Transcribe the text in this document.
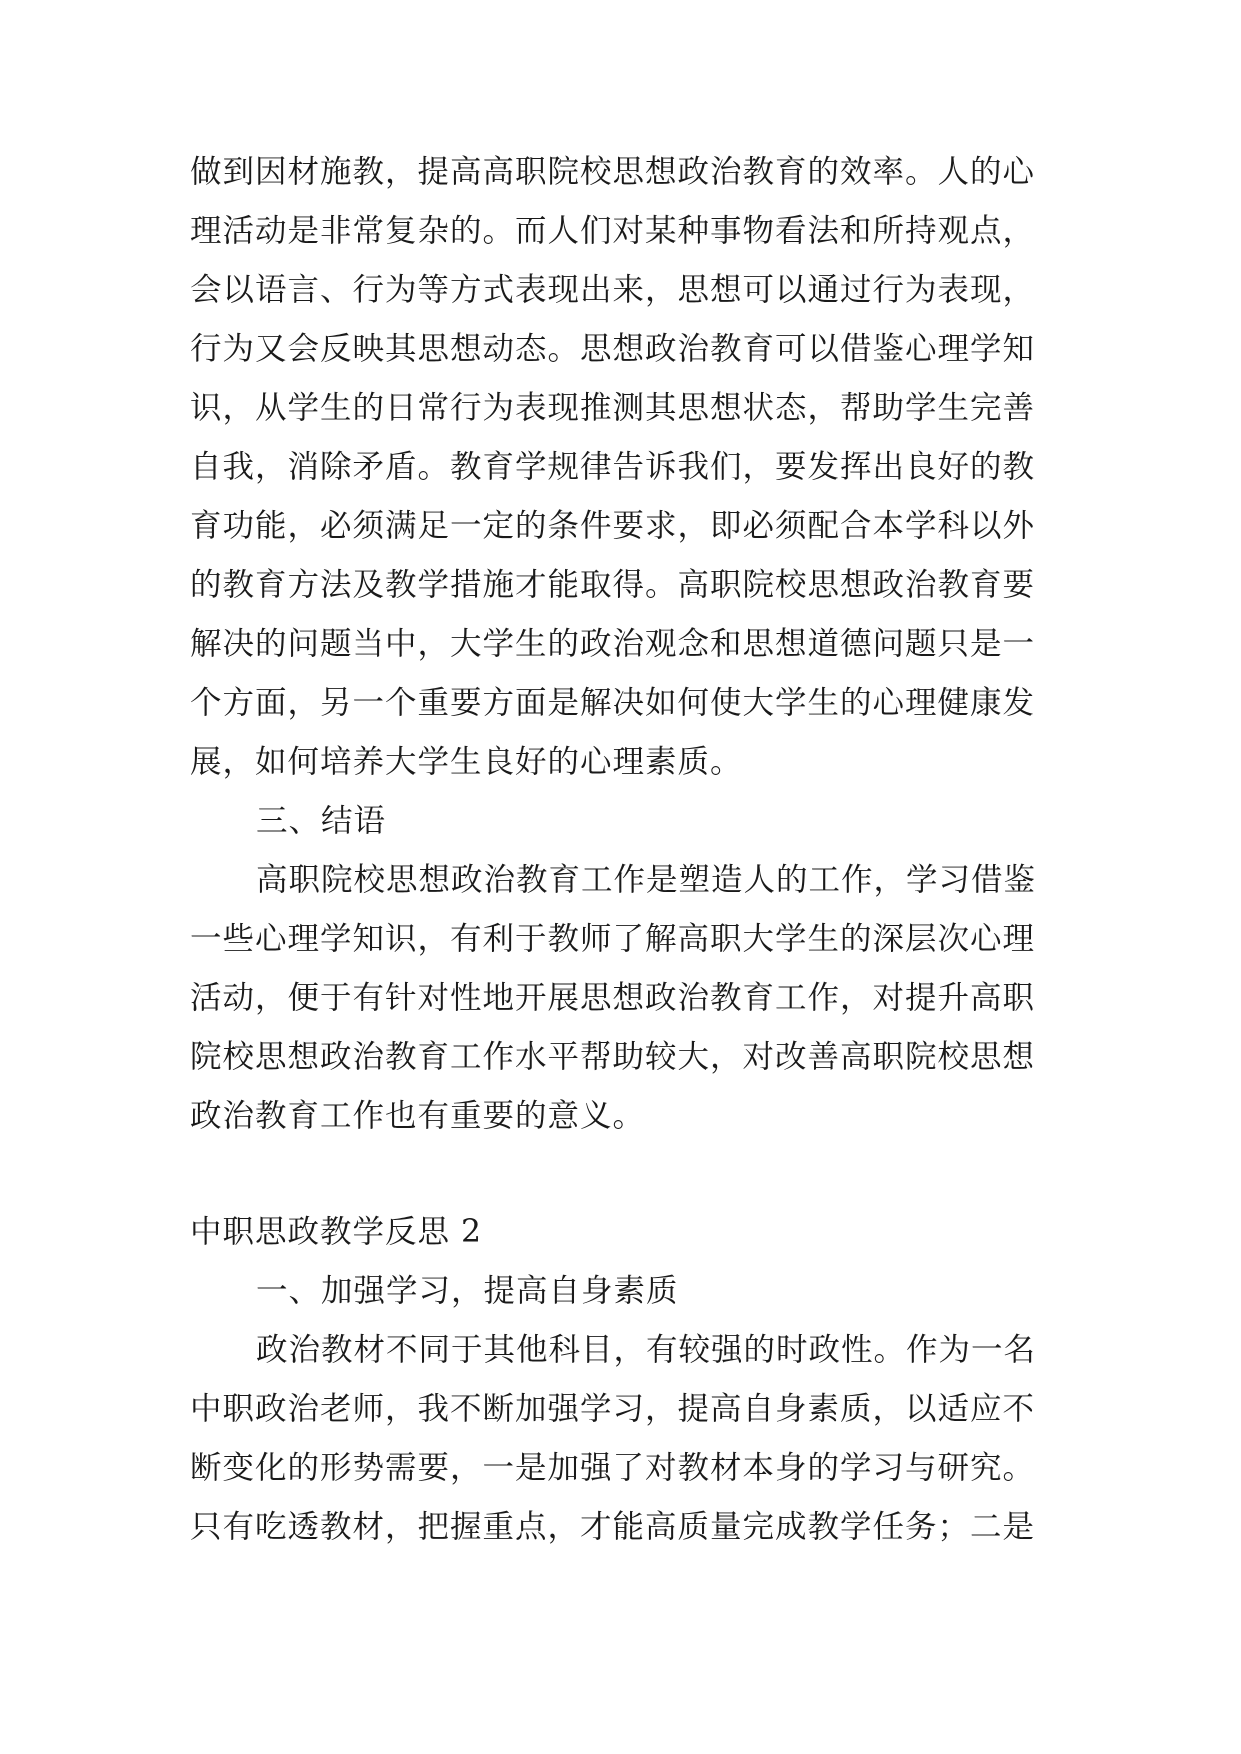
做到因材施教，提高高职院校思想政治教育的效率。人的心
理活动是非常复杂的。而人们对某种事物看法和所持观点，
会以语言、行为等方式表现出来，思想可以通过行为表现，
行为又会反映其思想动态。思想政治教育可以借鉴心理学知
识，从学生的日常行为表现推测其思想状态，帮助学生完善
自我，消除矛盾。教育学规律告诉我们，要发挥出良好的教
育功能，必须满足一定的条件要求，即必须配合本学科以外
的教育方法及教学措施才能取得。高职院校思想政治教育要
解决的问题当中，大学生的政治观念和思想道德问题只是一
个方面，另一个重要方面是解决如何使大学生的心理健康发
展，如何培养大学生良好的心理素质。
三、结语
高职院校思想政治教育工作是塑造人的工作，学习借鉴
一些心理学知识，有利于教师了解高职大学生的深层次心理
活动，便于有针对性地开展思想政治教育工作，对提升高职
院校思想政治教育工作水平帮助较大，对改善高职院校思想
政治教育工作也有重要的意义。
中职思政教学反思 2
一、加强学习，提高自身素质
政治教材不同于其他科目，有较强的时政性。作为一名
中职政治老师，我不断加强学习，提高自身素质，以适应不
断变化的形势需要，一是加强了对教材本身的学习与研究。
只有吃透教材，把握重点，才能高质量完成教学任务；二是
